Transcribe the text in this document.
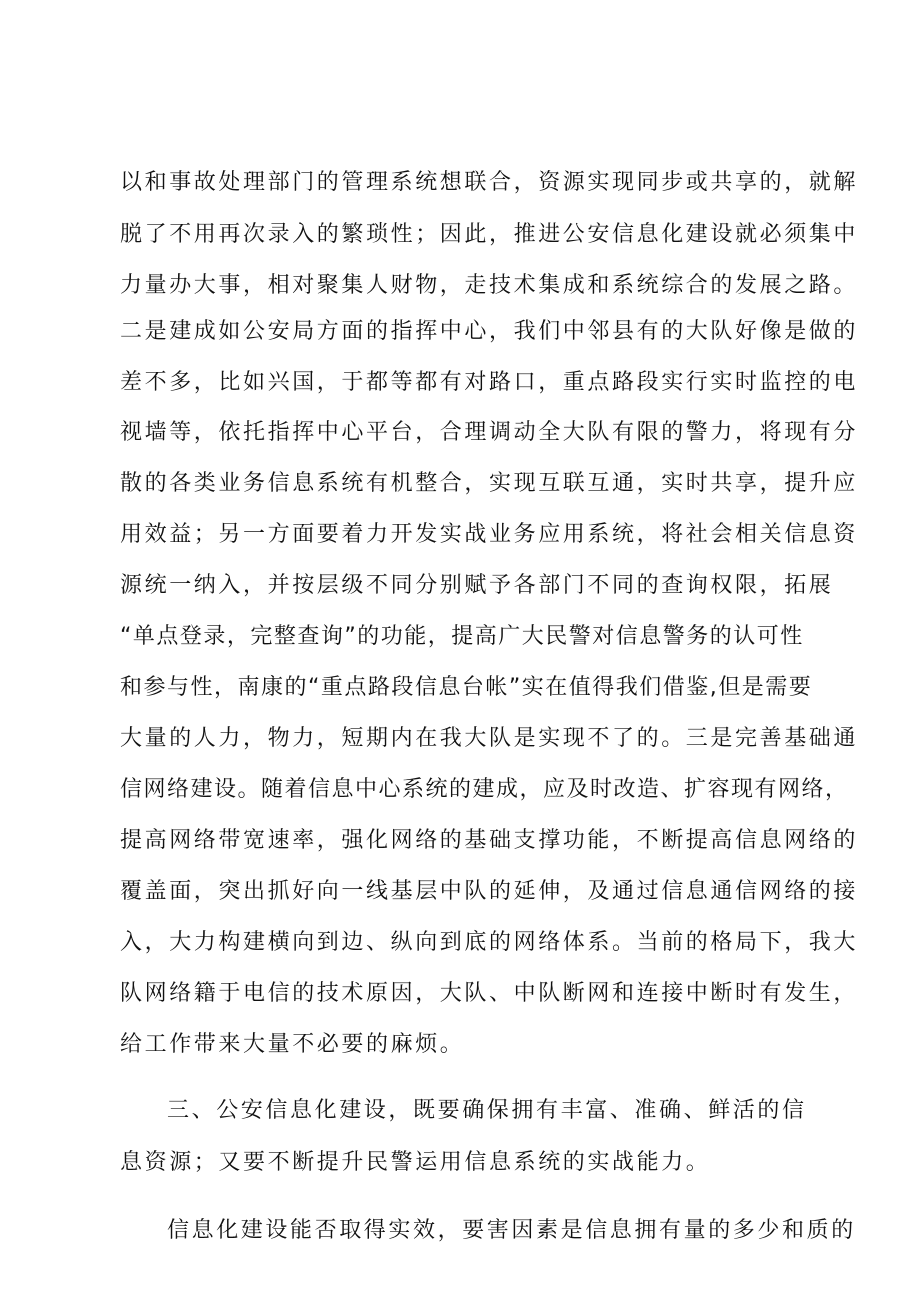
以和事故处理部门的管理系统想联合，资源实现同步或共享的，就解
脱了不用再次录入的繁琐性；因此，推进公安信息化建设就必须集中
力量办大事，相对聚集人财物，走技术集成和系统综合的发展之路。
二是建成如公安局方面的指挥中心，我们中邻县有的大队好像是做的
差不多，比如兴国，于都等都有对路口，重点路段实行实时监控的电
视墙等，依托指挥中心平台，合理调动全大队有限的警力，将现有分
散的各类业务信息系统有机整合，实现互联互通，实时共享，提升应
用效益；另一方面要着力开发实战业务应用系统，将社会相关信息资
源统一纳入，并按层级不同分别赋予各部门不同的查询权限，拓展
“单点登录，完整查询”的功能，提高广大民警对信息警务的认可性
和参与性，南康的“重点路段信息台帐”实在值得我们借鉴,但是需要
大量的人力，物力，短期内在我大队是实现不了的。三是完善基础通
信网络建设。随着信息中心系统的建成，应及时改造、扩容现有网络，
提高网络带宽速率，强化网络的基础支撑功能，不断提高信息网络的
覆盖面，突出抓好向一线基层中队的延伸，及通过信息通信网络的接
入，大力构建横向到边、纵向到底的网络体系。当前的格局下，我大
队网络籍于电信的技术原因，大队、中队断网和连接中断时有发生，
给工作带来大量不必要的麻烦。
三、公安信息化建设，既要确保拥有丰富、准确、鲜活的信
息资源；又要不断提升民警运用信息系统的实战能力。
信息化建设能否取得实效，要害因素是信息拥有量的多少和质的
